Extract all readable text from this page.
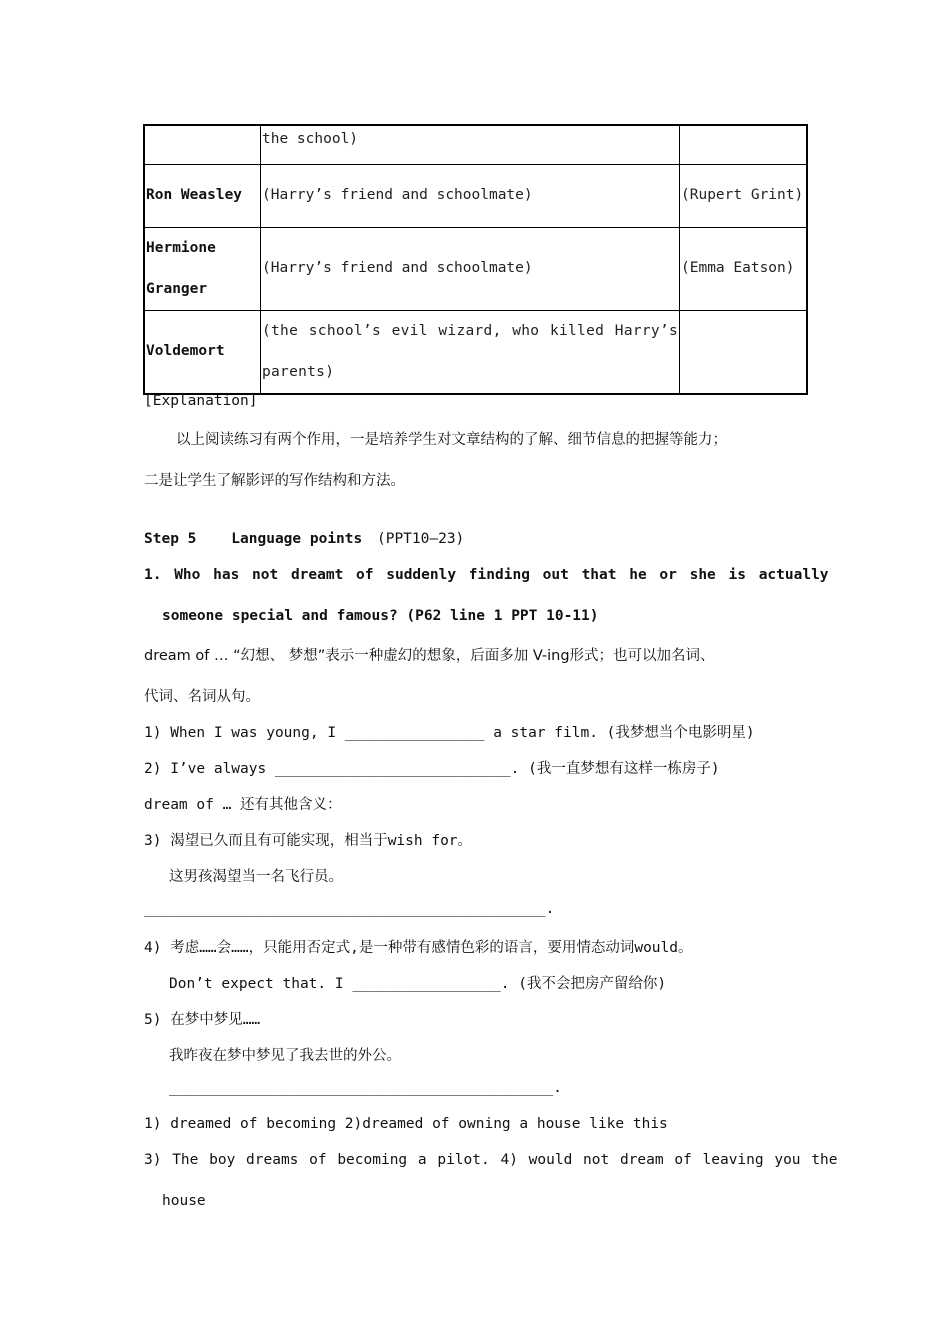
	the school)	
Ron Weasley	(Harry’s friend and schoolmate)	(Rupert Grint)
Hermione Granger	(Harry’s friend and schoolmate)	(Emma Eatson)
Voldemort	(the school’s evil wizard, who killed Harry’s parents)	
[Explanation]
以上阅读练习有两个作用，一是培养学生对文章结构的了解、细节信息的把握等能力；
二是让学生了解影评的写作结构和方法。
Step 5    Language points (PPT10—23)
1. Who has not dreamt of suddenly finding out that he or she is actually
someone special and famous? (P62 line 1 PPT 10-11)
dream of … “幻想、 梦想”表示一种虚幻的想象，后面多加 V-ing形式；也可以加名词、
代词、名词从句。
1) When I was young, I ________________ a star film. (我梦想当个电影明星)
2) I’ve always ___________________________. (我一直梦想有这样一栋房子)
dream of … 还有其他含义：
3) 渴望已久而且有可能实现，相当于wish for。
这男孩渴望当一名飞行员。
______________________________________________.
4) 考虑……会……，只能用否定式,是一种带有感情色彩的语言，要用情态动词would。
Don’t expect that. I _________________. (我不会把房产留给你)
5) 在梦中梦见……
我昨夜在梦中梦见了我去世的外公。
____________________________________________.
1) dreamed of becoming 2)dreamed of owning a house like this
3) The boy dreams of becoming a pilot. 4) would not dream of leaving you the
house
